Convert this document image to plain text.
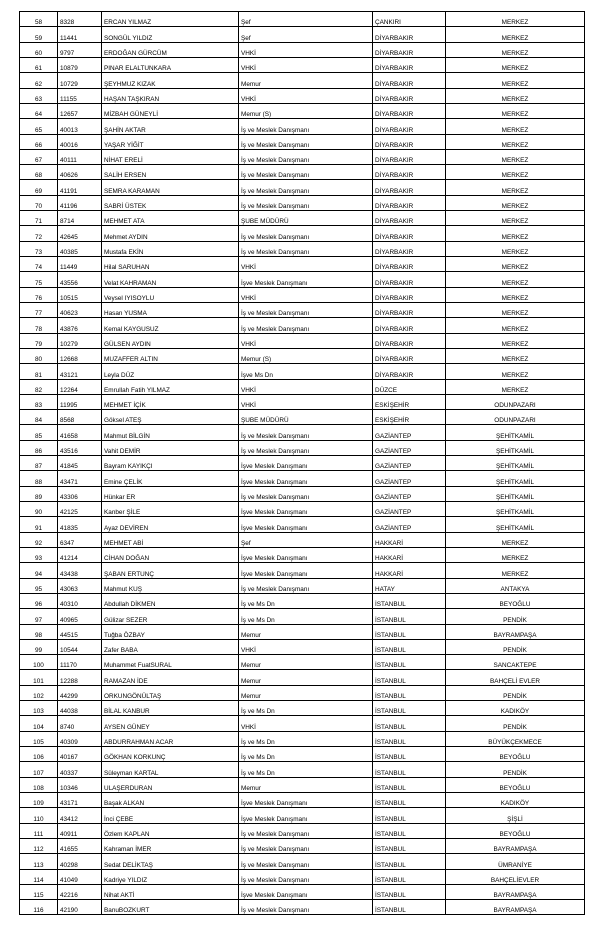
58	8328	ERCAN YILMAZ	Şef	ÇANKIRI	MERKEZ
59	11441	SONGÜL YILDIZ	Şef	DİYARBAKIR	MERKEZ
60	9797	ERDOĞAN GÜRCÜM	VHKİ	DİYARBAKIR	MERKEZ
61	10879	PINAR ELALTUNKARA	VHKİ	DİYARBAKIR	MERKEZ
62	10729	ŞEYHMUZ KIZAK	Memur	DİYARBAKIR	MERKEZ
63	11155	HAŞAN TAŞKIRAN	VHKİ	DİYARBAKIR	MERKEZ
64	12657	MİZBAH GÜNEYLİ	Memur (S)	DİYARBAKIR	MERKEZ
65	40013	ŞAHİN AKTAR	İş ve Meslek Danışmanı	DİYARBAKIR	MERKEZ
66	40016	YAŞAR YİĞİT	İş ve Meslek Danışmanı	DİYARBAKIR	MERKEZ
67	40111	NİHAT ERELİ	İş ve Meslek Danışmanı	DİYARBAKIR	MERKEZ
68	40626	SALİH ERSEN	İş ve Meslek Danışmanı	DİYARBAKIR	MERKEZ
69	41191	SEMRA KARAMAN	İş ve Meslek Danışmanı	DİYARBAKIR	MERKEZ
70	41196	SABRİ ÜSTEK	İş ve Meslek Danışmanı	DİYARBAKIR	MERKEZ
71	8714	MEHMET ATA	ŞUBE MÜDÜRÜ	DİYARBAKIR	MERKEZ
72	42645	Mehmet AYDIN	İş ve Meslek Danışmanı	DİYARBAKIR	MERKEZ
73	40385	Mustafa EKİN	İş ve Meslek Danışmanı	DİYARBAKIR	MERKEZ
74	11449	Hilal SARUHAN	VHKİ	DİYARBAKIR	MERKEZ
75	43556	Velat KAHRAMAN	İşve Meslek Danışmanı	DİYARBAKIR	MERKEZ
76	10515	Veysel IYISOYLU	VHKİ	DİYARBAKIR	MERKEZ
77	40623	Hasan YUSMA	İş ve Meslek Danışmanı	DİYARBAKIR	MERKEZ
78	43876	Kemal KAYGUSUZ	İş ve Meslek Danışmanı	DİYARBAKIR	MERKEZ
79	10279	GÜLSEN AYDIN	VHKİ	DİYARBAKIR	MERKEZ
80	12668	MUZAFFER ALTIN	Memur (S)	DİYARBAKIR	MERKEZ
81	43121	Leyla DÜZ	İşve Ms Dn	DİYARBAKIR	MERKEZ
82	12264	Emrullah Fatih YILMAZ	VHKİ	DÜZCE	MERKEZ
83	11995	MEHMET İÇİK	VHKİ	ESKİŞEHİR	ODUNPAZARI
84	8568	Göksel ATEŞ	ŞUBE MÜDÜRÜ	ESKİŞEHİR	ODUNPAZARI
85	41658	Mahmut BİLGİN	İş ve Meslek Danışmanı	GAZİANTEP	ŞEHİTKAMİL
86	43516	Vahit DEMİR	İş ve Meslek Danışmanı	GAZİANTEP	ŞEHİTKAMİL
87	41845	Bayram KAYIKÇI	İşve Meslek Danışmanı	GAZİANTEP	ŞEHİTKAMİL
88	43471	Emine ÇELİK	İşve Meslek Danışmanı	GAZİANTEP	ŞEHİTKAMİL
89	43306	Hünkar ER	İş ve Meslek Danışmanı	GAZİANTEP	ŞEHİTKAMİL
90	42125	Kanber ŞİLE	İşve Meslek Danışmanı	GAZİANTEP	ŞEHİTKAMİL
91	41835	Ayaz DEVİREN	İşve Meslek Danışmanı	GAZİANTEP	ŞEHİTKAMİL
92	6347	MEHMET ABİ	Şef	HAKKARİ	MERKEZ
93	41214	CİHAN DOĞAN	İşve Meslek Danışmanı	HAKKARİ	MERKEZ
94	43438	ŞABAN ERTUNÇ	İşve Meslek Danışmanı	HAKKARİ	MERKEZ
95	43063	Mahmut KUŞ	İş ve Meslek Danışmanı	HATAY	ANTAKYA
96	40310	Abdullah DİKMEN	İş ve Ms Dn	İSTANBUL	BEYOĞLU
97	40965	Gülizar SEZER	İş ve Ms Dn	İSTANBUL	PENDİK
98	44515	Tuğba ÖZBAY	Memur	İSTANBUL	BAYRAMPAŞA
99	10544	Zafer BABA	VHKİ	İSTANBUL	PENDİK
100	11170	Muhammet FuatSURAL	Memur	İSTANBUL	SANCAKTEPE
101	12288	RAMAZAN İDE	Memur	İSTANBUL	BAHÇELİ EVLER
102	44299	ORKUNGÖNÜLTAŞ	Memur	İSTANBUL	PENDİK
103	44038	BİLAL KANBUR	İş ve Ms Dn	İSTANBUL	KADIKÖY
104	8740	AYSEN GÜNEY	VHKİ	İSTANBUL	PENDİK
105	40309	ABDURRAHMAN ACAR	İş ve Ms Dn	İSTANBUL	BÜYÜKÇEKMECE
106	40167	GÖKHAN KORKUNÇ	İş ve Ms Dn	İSTANBUL	BEYOĞLU
107	40337	Süleyman KARTAL	İş ve Ms Dn	İSTANBUL	PENDİK
108	10346	ULAŞERDURAN	Memur	İSTANBUL	BEYOĞLU
109	43171	Başak ALKAN	İşve Meslek Danışmanı	İSTANBUL	KADIKÖY
110	43412	İnci ÇEBE	İşve Meslek Danışmanı	İSTANBUL	ŞİŞLİ
111	40911	Özlem KAPLAN	İş ve Meslek Danışmanı	İSTANBUL	BEYOĞLU
112	41655	Kahraman İMER	İş ve Meslek Danışmanı	İSTANBUL	BAYRAMPAŞA
113	40298	Sedat DELİKTAŞ	İş ve Meslek Danışmanı	İSTANBUL	ÜMRANİYE
114	41049	Kadriye YILDIZ	İş ve Meslek Danışmanı	İSTANBUL	BAHÇELİEVLER
115	42216	Nihat AKTİ	İşve Meslek Danışmanı	İSTANBUL	BAYRAMPAŞA
116	42190	BanuBOZKURT	İş ve Meslek Danışmanı	İSTANBUL	BAYRAMPAŞA
